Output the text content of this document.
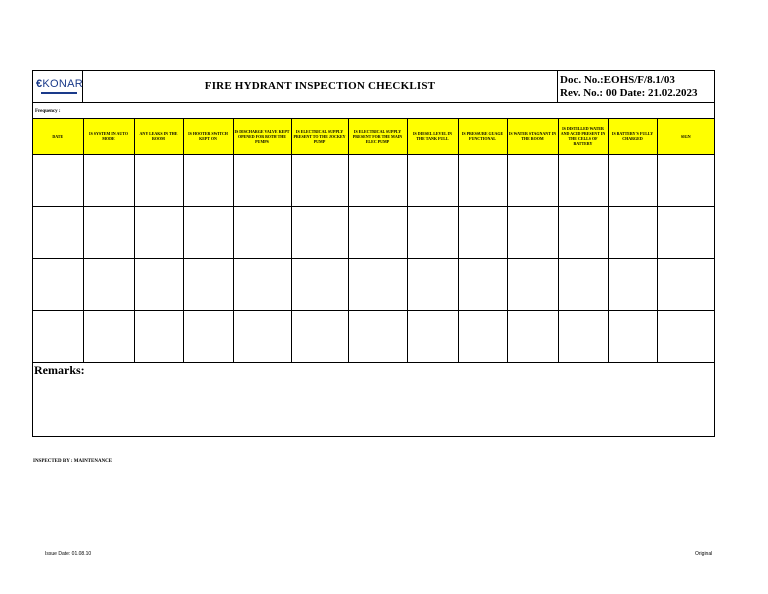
€KONAR	FIRE HYDRANT INSPECTION CHECKLIST	Doc. No.:EOHS/F/8.1/03
Rev. No.: 00 Date: 21.02.2023
Frequency :
DATE	IS SYSTEM IN AUTO MODE	ANY LEAKS IN THE ROOM	IS HOOTER SWITCH KEPT ON	IS DISCHARGE VALVE KEPT OPENED FOR BOTH THE PUMPS	IS ELECTRICAL SUPPLY PRESENT TO THE JOCKEY PUMP	IS ELECTRICAL SUPPLY PRESENT FOR THE MAIN ELEC PUMP	IS DIESEL LEVEL IN THE TANK FULL	IS PRESSURE GUAGE FUNCTIONAL	IS WATER STAGNANT IN THE ROOM	IS DISTILLED WATER AND ACID PRESENT IN THE CELLS OF BATTERY	IS BATTERY'S FULLY CHARGED	SIGN

Remarks:
INSPECTED BY : MAINTENANCE
Issue Date: 01.08.10	Original
